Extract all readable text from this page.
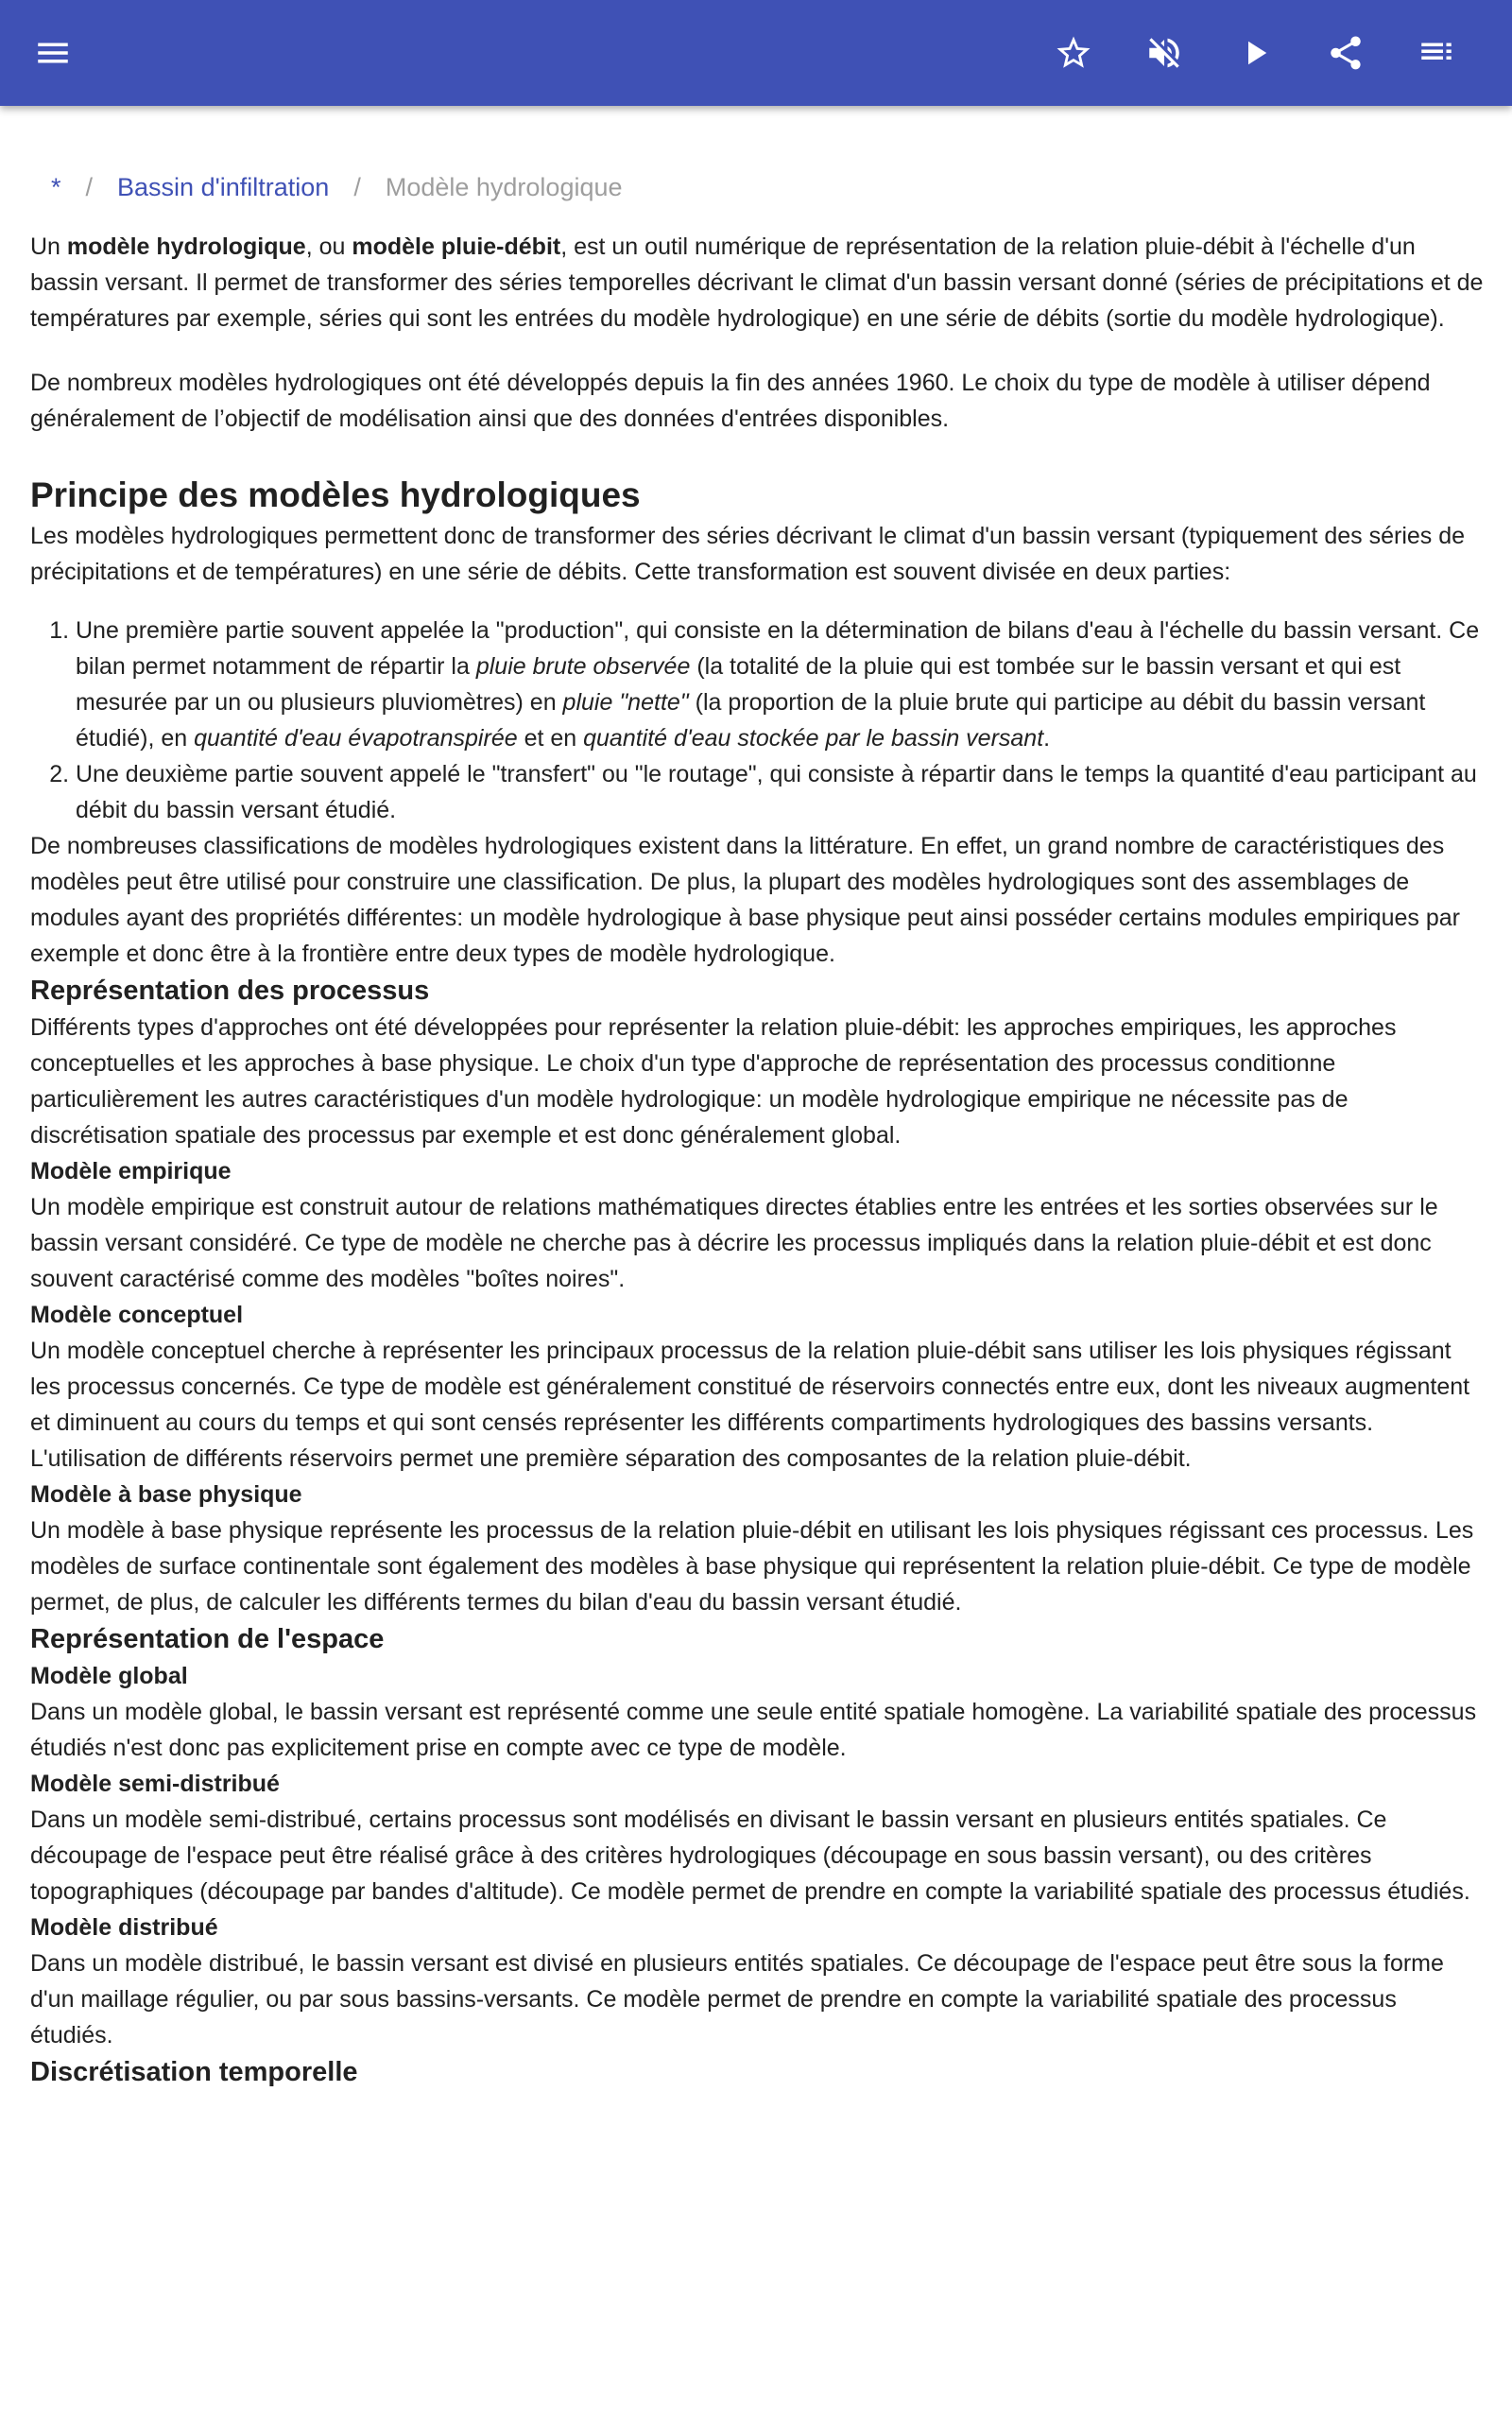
* / Bassin d'infiltration / Modèle hydrologique

Un modèle hydrologique, ou modèle pluie-débit, est un outil numérique de représentation de la relation pluie-débit à l'échelle d'un bassin versant. Il permet de transformer des séries temporelles décrivant le climat d'un bassin versant donné (séries de précipitations et de températures par exemple, séries qui sont les entrées du modèle hydrologique) en une série de débits (sortie du modèle hydrologique).

De nombreux modèles hydrologiques ont été développés depuis la fin des années 1960. Le choix du type de modèle à utiliser dépend généralement de l’objectif de modélisation ainsi que des données d'entrées disponibles.

Principe des modèles hydrologiques

Les modèles hydrologiques permettent donc de transformer des séries décrivant le climat d'un bassin versant (typiquement des séries de précipitations et de températures) en une série de débits. Cette transformation est souvent divisée en deux parties:

1. Une première partie souvent appelée la "production", qui consiste en la détermination de bilans d'eau à l'échelle du bassin versant. Ce bilan permet notamment de répartir la pluie brute observée (la totalité de la pluie qui est tombée sur le bassin versant et qui est mesurée par un ou plusieurs pluviomètres) en pluie "nette" (la proportion de la pluie brute qui participe au débit du bassin versant étudié), en quantité d'eau évapotranspirée et en quantité d'eau stockée par le bassin versant.
2. Une deuxième partie souvent appelé le "transfert" ou "le routage", qui consiste à répartir dans le temps la quantité d'eau participant au débit du bassin versant étudié.

De nombreuses classifications de modèles hydrologiques existent dans la littérature. En effet, un grand nombre de caractéristiques des modèles peut être utilisé pour construire une classification. De plus, la plupart des modèles hydrologiques sont des assemblages de modules ayant des propriétés différentes: un modèle hydrologique à base physique peut ainsi posséder certains modules empiriques par exemple et donc être à la frontière entre deux types de modèle hydrologique.

Représentation des processus

Différents types d'approches ont été développées pour représenter la relation pluie-débit: les approches empiriques, les approches conceptuelles et les approches à base physique. Le choix d'un type d'approche de représentation des processus conditionne particulièrement les autres caractéristiques d'un modèle hydrologique: un modèle hydrologique empirique ne nécessite pas de discrétisation spatiale des processus par exemple et est donc généralement global.

Modèle empirique

Un modèle empirique est construit autour de relations mathématiques directes établies entre les entrées et les sorties observées sur le bassin versant considéré. Ce type de modèle ne cherche pas à décrire les processus impliqués dans la relation pluie-débit et est donc souvent caractérisé comme des modèles "boîtes noires".

Modèle conceptuel

Un modèle conceptuel cherche à représenter les principaux processus de la relation pluie-débit sans utiliser les lois physiques régissant les processus concernés. Ce type de modèle est généralement constitué de réservoirs connectés entre eux, dont les niveaux augmentent et diminuent au cours du temps et qui sont censés représenter les différents compartiments hydrologiques des bassins versants. L'utilisation de différents réservoirs permet une première séparation des composantes de la relation pluie-débit.

Modèle à base physique

Un modèle à base physique représente les processus de la relation pluie-débit en utilisant les lois physiques régissant ces processus. Les modèles de surface continentale sont également des modèles à base physique qui représentent la relation pluie-débit. Ce type de modèle permet, de plus, de calculer les différents termes du bilan d'eau du bassin versant étudié.

Représentation de l'espace
Modèle global

Dans un modèle global, le bassin versant est représenté comme une seule entité spatiale homogène. La variabilité spatiale des processus étudiés n'est donc pas explicitement prise en compte avec ce type de modèle.

Modèle semi-distribué

Dans un modèle semi-distribué, certains processus sont modélisés en divisant le bassin versant en plusieurs entités spatiales. Ce découpage de l'espace peut être réalisé grâce à des critères hydrologiques (découpage en sous bassin versant), ou des critères topographiques (découpage par bandes d'altitude). Ce modèle permet de prendre en compte la variabilité spatiale des processus étudiés.

Modèle distribué

Dans un modèle distribué, le bassin versant est divisé en plusieurs entités spatiales. Ce découpage de l'espace peut être sous la forme d'un maillage régulier, ou par sous bassins-versants. Ce modèle permet de prendre en compte la variabilité spatiale des processus étudiés.

Discrétisation temporelle
